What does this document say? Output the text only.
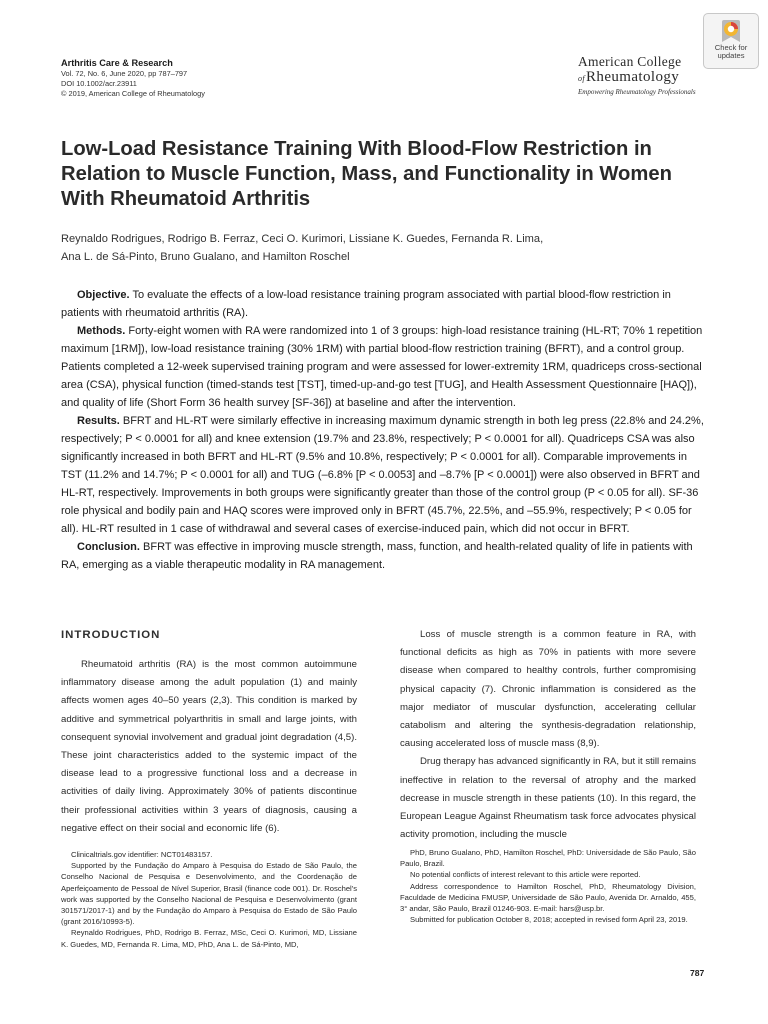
Arthritis Care & Research

Vol. 72, No. 6, June 2020, pp 787–797

DOI 10.1002/acr.23911

© 2019, American College of Rheumatology

Check for
updates
American College
ofRheumatology
Empowering Rheumatology Professionals
Low-Load Resistance Training With Blood-Flow Restriction in Relation to Muscle Function, Mass, and Functionality in Women With Rheumatoid Arthritis

Reynaldo Rodrigues, Rodrigo B. Ferraz, Ceci O. Kurimori, Lissiane K. Guedes, Fernanda R. Lima,
Ana L. de Sá-Pinto, Bruno Gualano, and Hamilton Roschel

Objective. To evaluate the effects of a low-load resistance training program associated with partial blood-flow restriction in patients with rheumatoid arthritis (RA).

Methods. Forty-eight women with RA were randomized into 1 of 3 groups: high-load resistance training (HL-RT; 70% 1 repetition maximum [1RM]), low-load resistance training (30% 1RM) with partial blood-flow restriction training (BFRT), and a control group. Patients completed a 12-week supervised training program and were assessed for lower-extremity 1RM, quadriceps cross-sectional area (CSA), physical function (timed-stands test [TST], timed-up-and-go test [TUG], and Health Assessment Questionnaire [HAQ]), and quality of life (Short Form 36 health survey [SF-36]) at baseline and after the intervention.

Results. BFRT and HL-RT were similarly effective in increasing maximum dynamic strength in both leg press (22.8% and 24.2%, respectively; P < 0.0001 for all) and knee extension (19.7% and 23.8%, respectively; P < 0.0001 for all). Quadriceps CSA was also significantly increased in both BFRT and HL-RT (9.5% and 10.8%, respectively; P < 0.0001 for all). Comparable improvements in TST (11.2% and 14.7%; P < 0.0001 for all) and TUG (–6.8% [P < 0.0053] and –8.7% [P < 0.0001]) were also observed in BFRT and HL-RT, respectively. Improvements in both groups were significantly greater than those of the control group (P < 0.05 for all). SF-36 role physical and bodily pain and HAQ scores were improved only in BFRT (45.7%, 22.5%, and –55.9%, respectively; P < 0.05 for all). HL-RT resulted in 1 case of withdrawal and several cases of exercise-induced pain, which did not occur in BFRT.

Conclusion. BFRT was effective in improving muscle strength, mass, function, and health-related quality of life in patients with RA, emerging as a viable therapeutic modality in RA management.

INTRODUCTION

Rheumatoid arthritis (RA) is the most common autoimmune inflammatory disease among the adult population (1) and mainly affects women ages 40–50 years (2,3). This condition is marked by additive and symmetrical polyarthritis in small and large joints, with consequent synovial involvement and gradual joint degradation (4,5). These joint characteristics added to the systemic impact of the disease lead to a progressive functional loss and a decrease in activities of daily living. Approximately 30% of patients discontinue their professional activities within 3 years of diagnosis, causing a negative effect on their social and economic life (6).

Loss of muscle strength is a common feature in RA, with functional deficits as high as 70% in patients with more severe disease when compared to healthy controls, further compromising physical capacity (7). Chronic inflammation is considered as the major mediator of muscular dysfunction, accelerating cellular catabolism and altering the synthesis-degradation relationship, causing accelerated loss of muscle mass (8,9).

Drug therapy has advanced significantly in RA, but it still remains ineffective in relation to the reversal of atrophy and the marked decrease in muscle strength in these patients (10). In this regard, the European League Against Rheumatism task force advocates physical activity promotion, including the muscle

Clinicaltrials.gov identifier: NCT01483157.

Supported by the Fundação do Amparo à Pesquisa do Estado de São Paulo, the Conselho Nacional de Pesquisa e Desenvolvimento, and the Coordenação de Aperfeiçoamento de Pessoal de Nível Superior, Brasil (finance code 001). Dr. Roschel's work was supported by the Conselho Nacional de Pesquisa e Desenvolvimento (grant 301571/2017-1) and by the Fundação do Amparo à Pesquisa do Estado de São Paulo (grant 2016/10993-5).

Reynaldo Rodrigues, PhD, Rodrigo B. Ferraz, MSc, Ceci O. Kurimori, MD, Lissiane K. Guedes, MD, Fernanda R. Lima, MD, PhD, Ana L. de Sá-Pinto, MD,

PhD, Bruno Gualano, PhD, Hamilton Roschel, PhD: Universidade de São Paulo, São Paulo, Brazil.

No potential conflicts of interest relevant to this article were reported.

Address correspondence to Hamilton Roschel, PhD, Rheumatology Division, Faculdade de Medicina FMUSP, Universidade de São Paulo, Avenida Dr. Arnaldo, 455, 3° andar, São Paulo, Brazil 01246-903. E-mail: hars@usp.br.

Submitted for publication October 8, 2018; accepted in revised form April 23, 2019.

787
